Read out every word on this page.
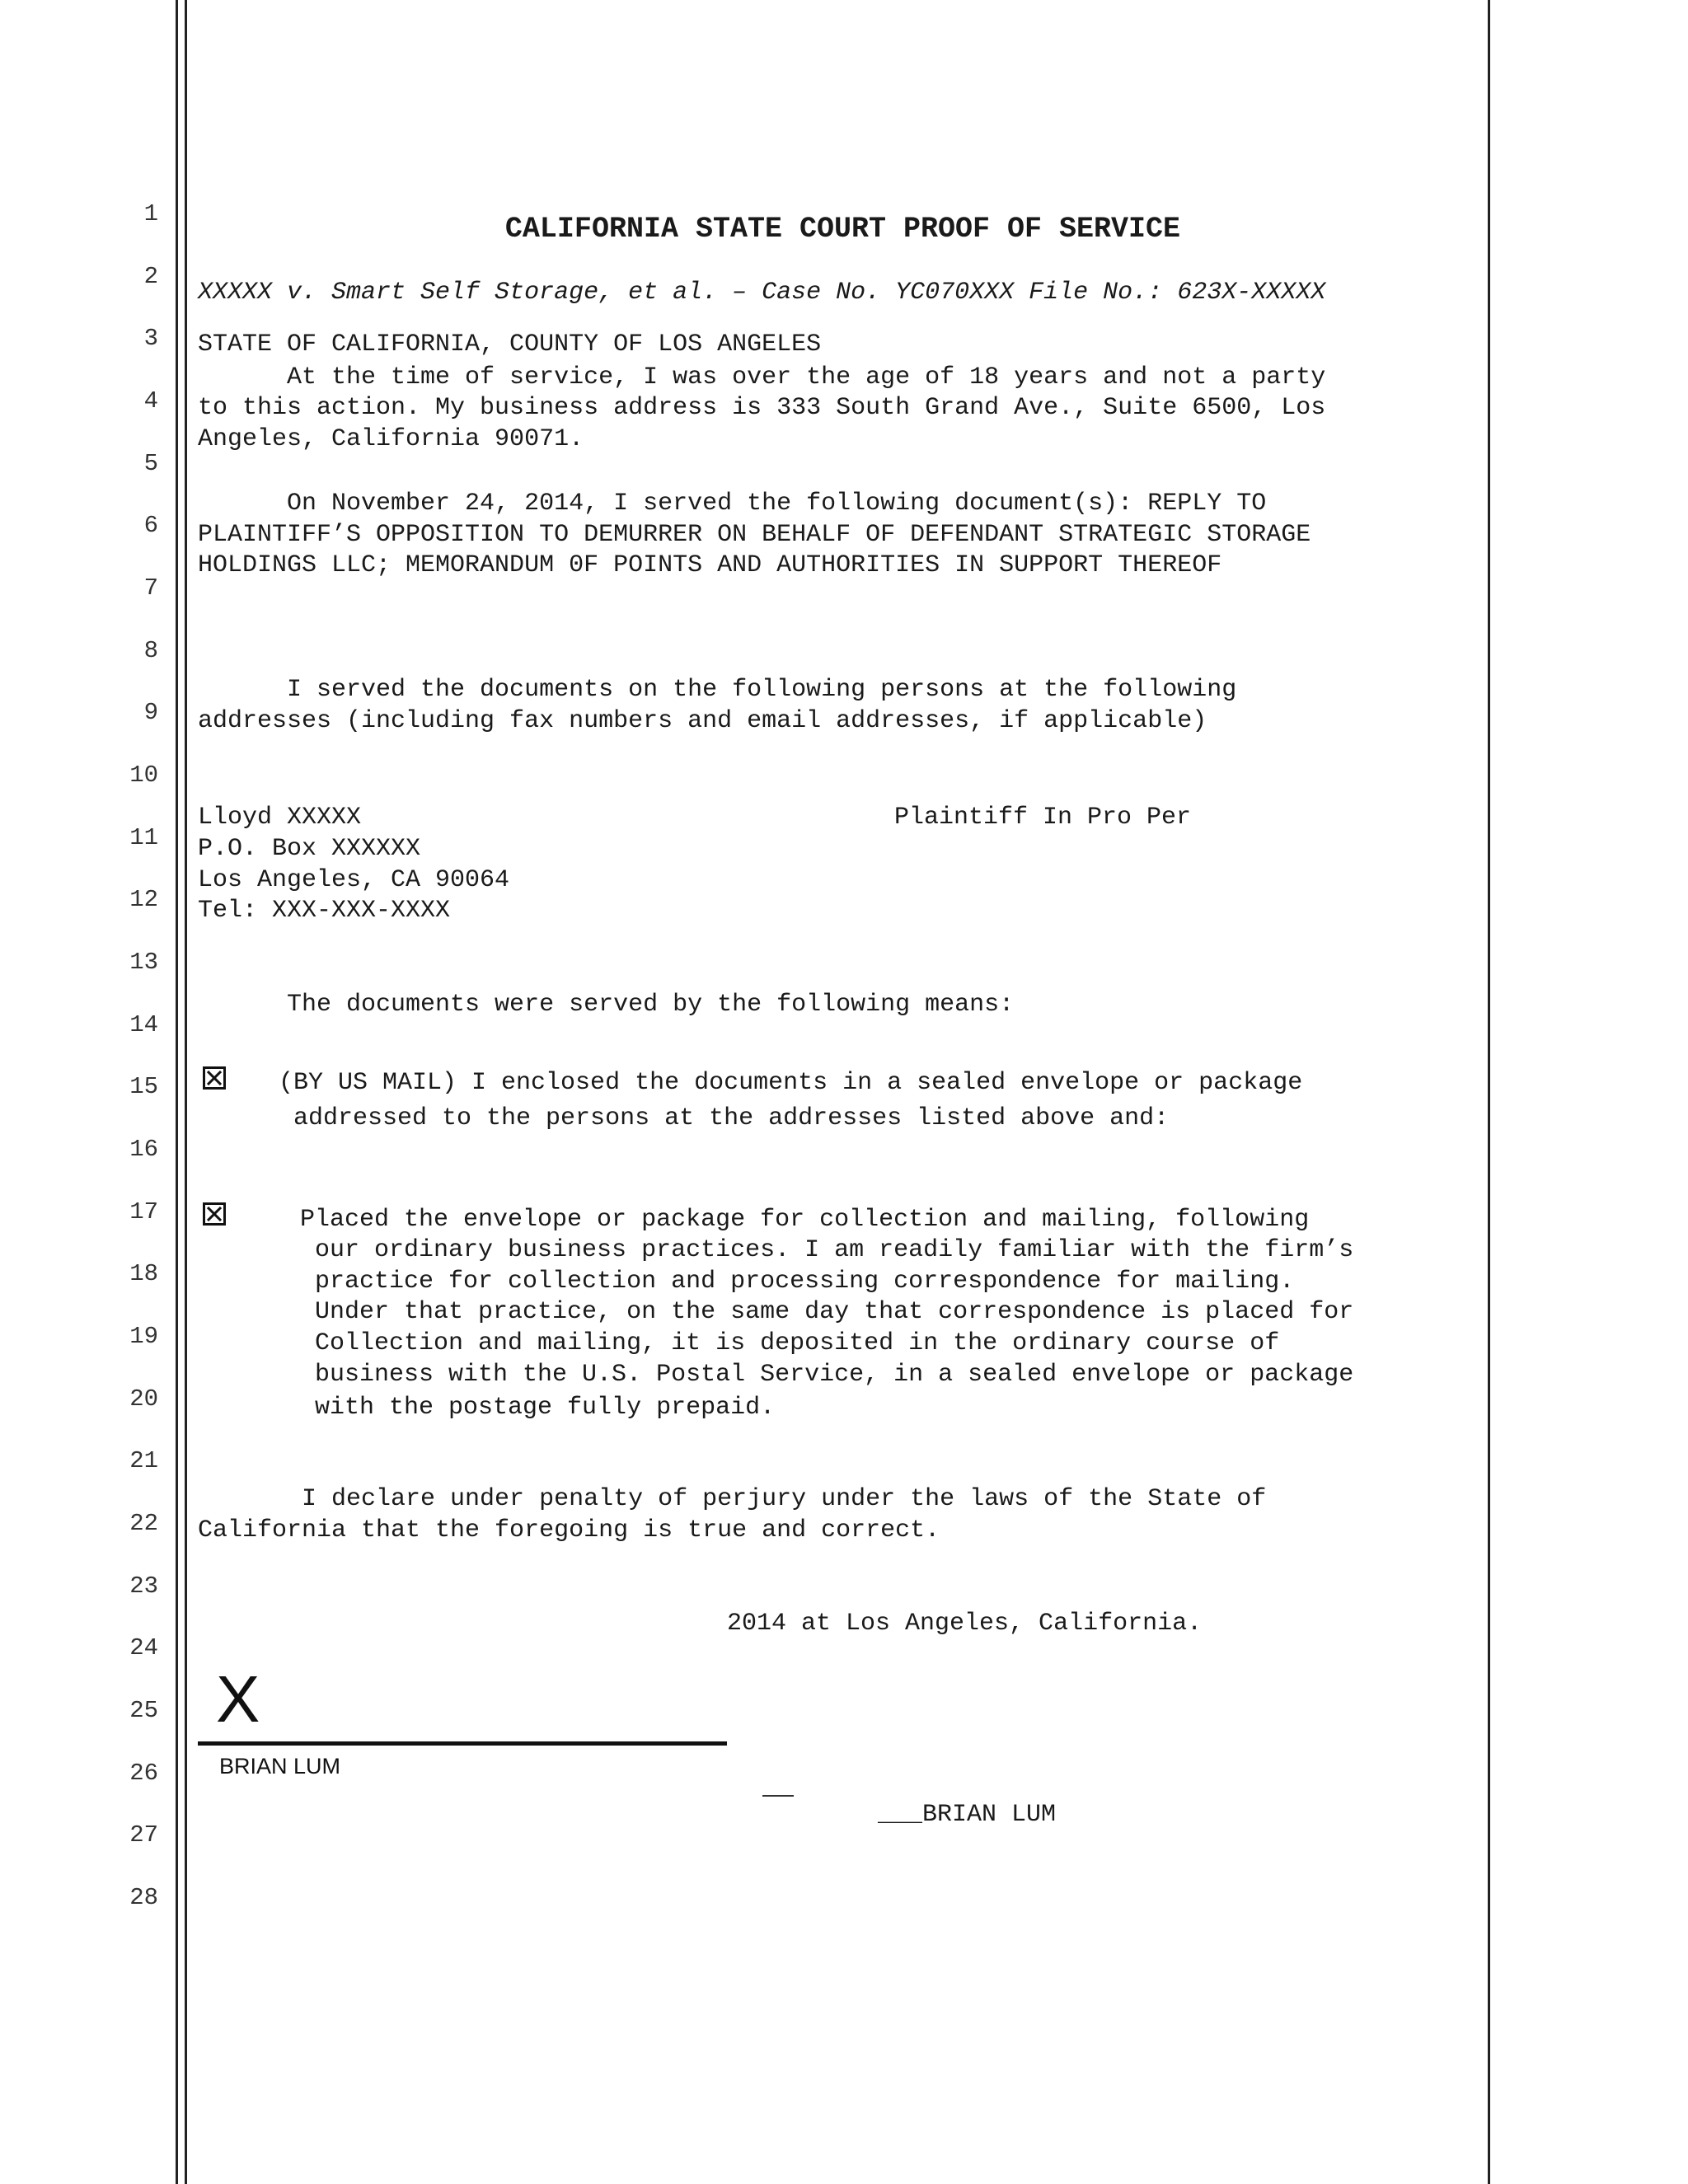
1
2
3
4
5
6
7
8
9
10
11
12
13
14
15
16
17
18
19
20
21
22
23
24
25
26
27
28
CALIFORNIA STATE COURT PROOF OF SERVICE
XXXXX v. Smart Self Storage, et al. – Case No. YC070XXX File No.: 623X-XXXXX
STATE OF CALIFORNIA, COUNTY OF LOS ANGELES
At the time of service, I was over the age of 18 years and not a party
to this action. My business address is 333 South Grand Ave., Suite 6500, Los
Angeles, California 90071.
On November 24, 2014, I served the following document(s): REPLY TO
PLAINTIFF’S OPPOSITION TO DEMURRER ON BEHALF OF DEFENDANT STRATEGIC STORAGE
HOLDINGS LLC; MEMORANDUM 0F POINTS AND AUTHORITIES IN SUPPORT THEREOF
I served the documents on the following persons at the following
addresses (including fax numbers and email addresses, if applicable)
Lloyd XXXXX
P.O. Box XXXXXX
Los Angeles, CA 90064
Tel: XXX-XXX-XXXX
Plaintiff In Pro Per
The documents were served by the following means:
(BY US MAIL) I enclosed the documents in a sealed envelope or package
addressed to the persons at the addresses listed above and:
Placed the envelope or package for collection and mailing, following
our ordinary business practices. I am readily familiar with the firm’s
practice for collection and processing correspondence for mailing.
Under that practice, on the same day that correspondence is placed for
Collection and mailing, it is deposited in the ordinary course of
business with the U.S. Postal Service, in a sealed envelope or package
with the postage fully prepaid.
I declare under penalty of perjury under the laws of the State of
California that the foregoing is true and correct.
2014 at Los Angeles, California.
X
BRIAN LUM
___BRIAN LUM
